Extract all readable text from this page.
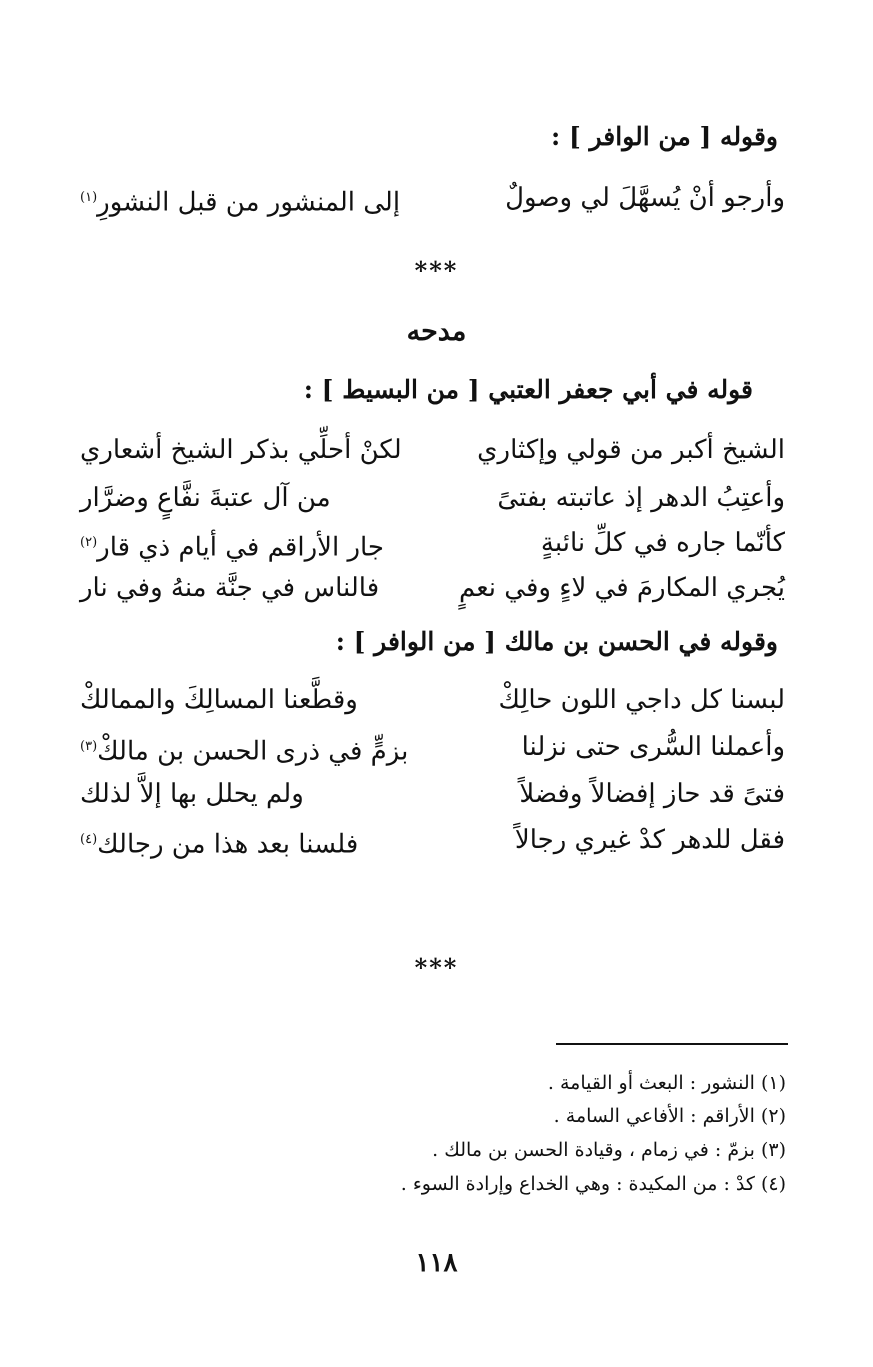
وقوله [ من الوافر ] :
وأرجو أنْ يُسهَّلَ لي وصولٌ
إلى المنشور من قبل النشورِ$^{(١)}$
***
مدحه
قوله في أبي جعفر العتبي [ من البسيط ] :
الشيخ أكبر من قولي وإكثاري
لكنْ أحلِّي بذكر الشيخ أشعاري
وأعتِبُ الدهر إذ عاتبته بفتىً
من آل عتبةَ نفَّاعٍ وضرَّار
كأنّما جاره في كلِّ نائبةٍ
جار الأراقم في أيام ذي قار$^{(٢)}$
يُجري المكارمَ في لاءٍ وفي نعمٍ
فالناس في جنَّة منهُ وفي نار
وقوله في الحسن بن مالك [ من الوافر ] :
لبسنا كل داجي اللون حالِكْ
وقطَّعنا المسالِكَ والممالكْ
وأعملنا السُّرى حتى نزلنا
بزمٍّ في ذرى الحسن بن مالكْ$^{(٣)}$
فتىً قد حاز إفضالاً وفضلاً
ولم يحلل بها إلاَّ لذلك
فقل للدهر كدْ غيري رجالاً
فلسنا بعد هذا من رجالك$^{(٤)}$
***
(١) النشور : البعث أو القيامة .
(٢) الأراقم : الأفاعي السامة .
(٣) بزمّ : في زمام ، وقيادة الحسن بن مالك .
(٤) كدْ : من المكيدة : وهي الخداع وإرادة السوء .
١١٨
